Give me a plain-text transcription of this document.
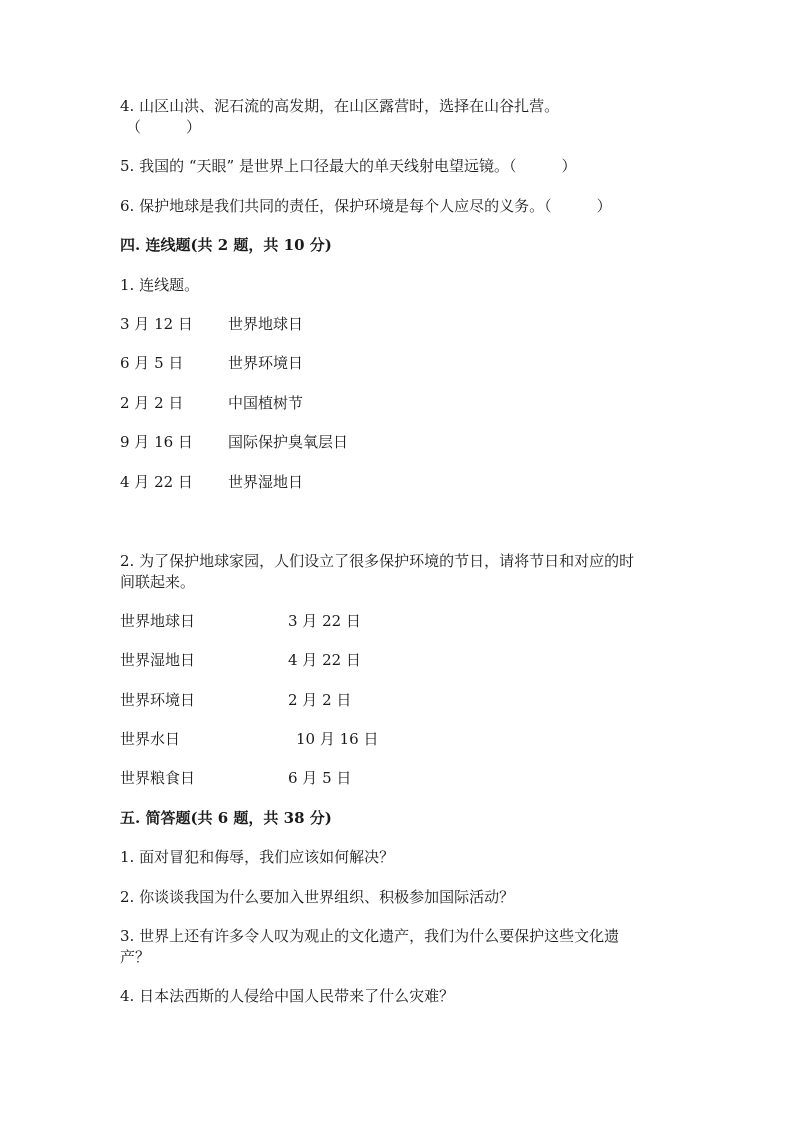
4. 山区山洪、泥石流的高发期，在山区露营时，选择在山谷扎营。
（　　　）
5. 我国的 “天眼” 是世界上口径最大的单天线射电望远镜。（　　　）
6. 保护地球是我们共同的责任，保护环境是每个人应尽的义务。（　　　）
四. 连线题(共 2 题，共 10 分)
1. 连线题。
3 月 12 日 世界地球日
6 月 5 日	世界环境日
2 月 2 日	中国植树节
9 月 16 日 国际保护臭氧层日
4 月 22 日 世界湿地日
2. 为了保护地球家园，人们设立了很多保护环境的节日，请将节日和对应的时
间联起来。
世界地球日	3 月 22 日
世界湿地日	4 月 22 日
世界环境日	2 月 2 日
世界水日	10 月 16 日
世界粮食日	6 月 5 日
五. 简答题(共 6 题，共 38 分)
1. 面对冒犯和侮辱，我们应该如何解决？
2. 你谈谈我国为什么要加入世界组织、积极参加国际活动？
3. 世界上还有许多令人叹为观止的文化遗产，我们为什么要保护这些文化遗
产？
4. 日本法西斯的人侵给中国人民带来了什么灾难？
